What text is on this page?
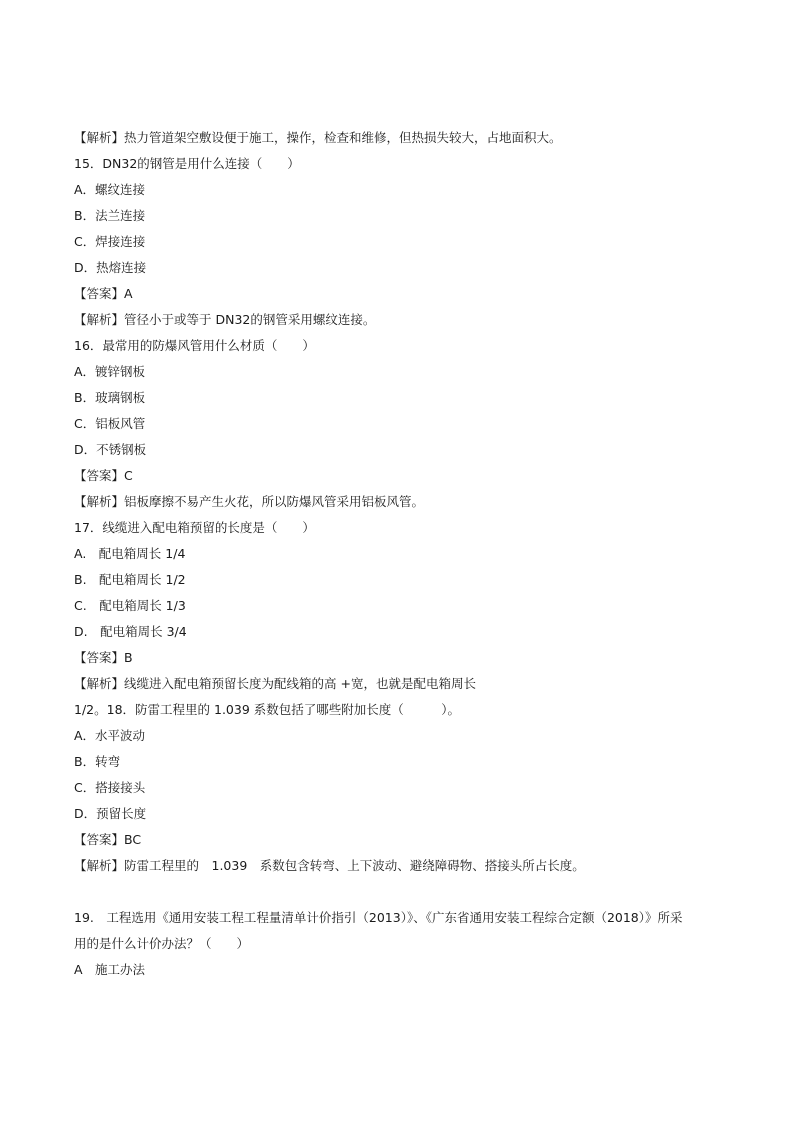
【解析】热力管道架空敷设便于施工，操作，检查和维修，但热损失较大，占地面积大。
15．DN32的钢管是用什么连接（　　）
A．螺纹连接
B．法兰连接
C．焊接连接
D．热熔连接
【答案】A
【解析】管径小于或等于 DN32的钢管采用螺纹连接。
16．最常用的防爆风管用什么材质（　　）
A．镀锌钢板
B．玻璃钢板
C．铝板风管
D．不锈钢板
【答案】C
【解析】铝板摩擦不易产生火花，所以防爆风管采用铝板风管。
17．线缆进入配电箱预留的长度是（　　）
A.　配电箱周长 1/4
B.　配电箱周长 1/2
C.　配电箱周长 1/3
D.　配电箱周长 3/4
【答案】B
【解析】线缆进入配电箱预留长度为配线箱的高 +宽，也就是配电箱周长
1/2。18．防雷工程里的 1.039 系数包括了哪些附加长度（　　　）。
A．水平波动
B．转弯
C．搭接接头
D．预留长度
【答案】BC
【解析】防雷工程里的　1.039　系数包含转弯、上下波动、避绕障碍物、搭接头所占长度。
19.　工程选用《通用安装工程工程量清单计价指引（2013）》、《广东省通用安装工程综合定额（2018）》所采
用的是什么计价办法？（　　）
A　施工办法
